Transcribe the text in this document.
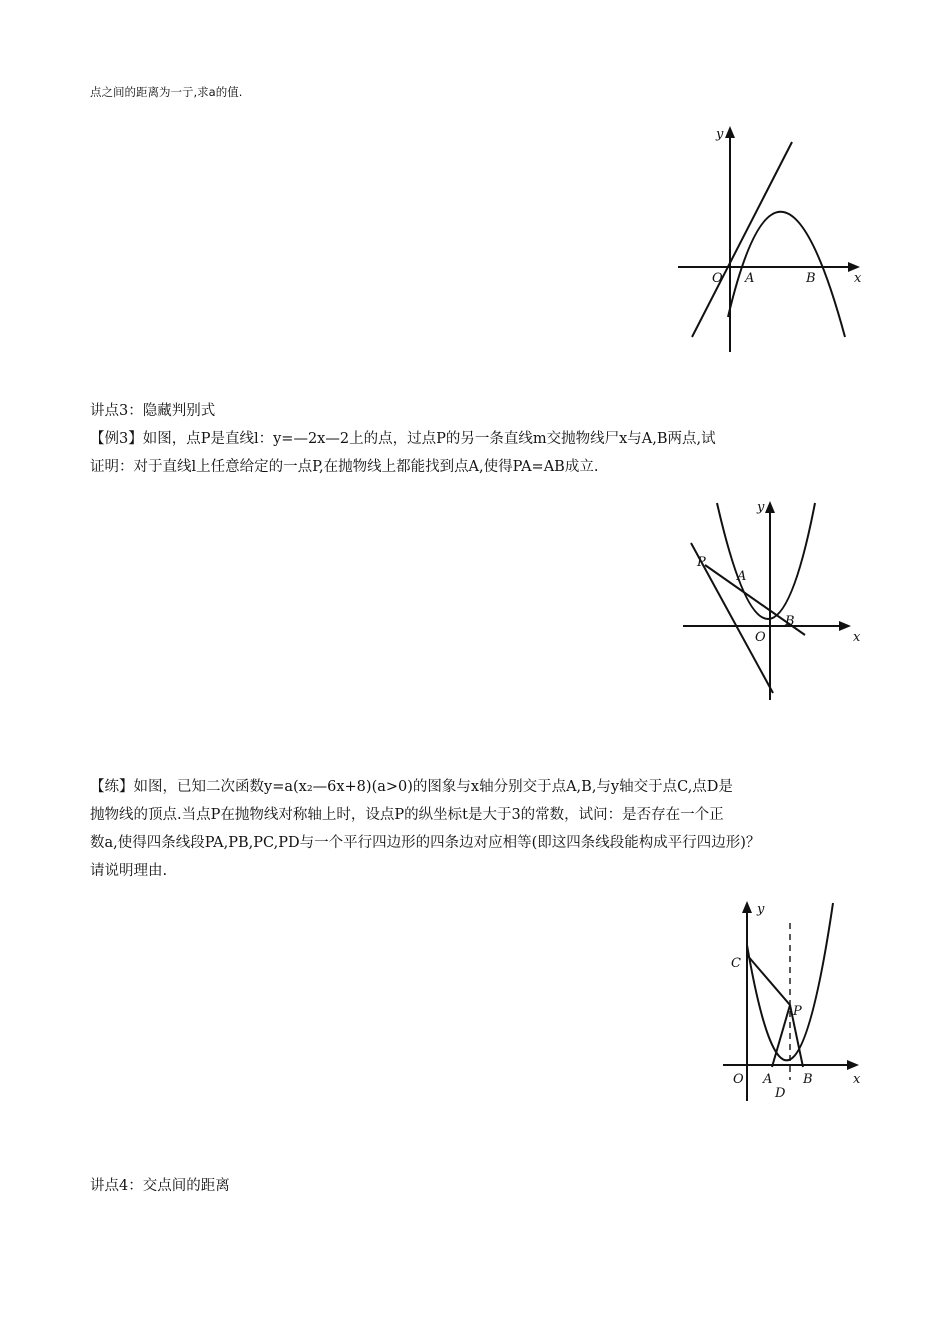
点之间的距离为一亍,求a的值.
y
O A	B	x
讲点3：隐藏判别式
【例3】如图，点P是直线l：y=—2x—2上的点，过点P的另一条直线m交抛物线尸x与A,B两点,试
证明：对于直线l上任意给定的一点P,在抛物线上都能找到点A,使得PA=AB成立.
y
P
A
B
O	x
【练】如图，已知二次函数y=a(x₂—6x+8)(a>0)的图象与x轴分别交于点A,B,与y轴交于点C,点D是
抛物线的顶点.当点P在抛物线对称轴上时，设点P的纵坐标t是大于3的常数，试问：是否存在一个正
数a,使得四条线段PA,PB,PC,PD与一个平行四边形的四条边对应相等(即这四条线段能构成平行四边形)？
请说明理由.
y
C
P
O A B
D
x
讲点4：交点间的距离
